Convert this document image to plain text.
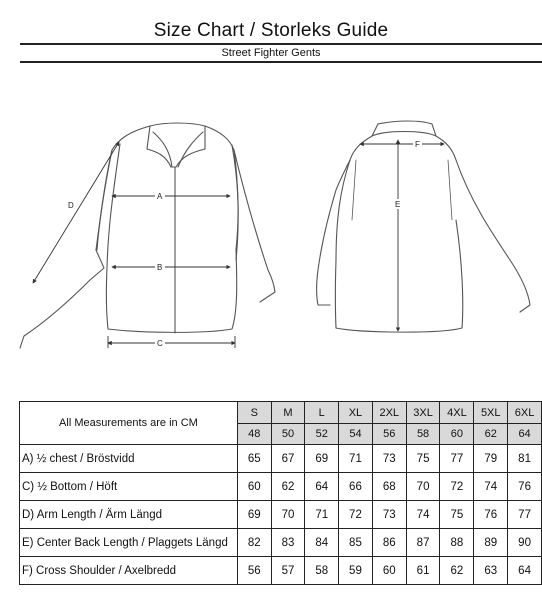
Size Chart / Storleks Guide
Street Fighter Gents
A
B
C
D	E
F
All Measurements are in CM	S	M	L	XL	2XL	3XL	4XL	5XL	6XL
	48	50	52	54	56	58	60	62	64
A) ½ chest / Bröstvidd	65	67	69	71	73	75	77	79	81
C) ½ Bottom / Höft	60	62	64	66	68	70	72	74	76
D) Arm Length / Ärm Längd	69	70	71	72	73	74	75	76	77
E) Center Back Length / Plaggets Längd	82	83	84	85	86	87	88	89	90
F) Cross Shoulder / Axelbredd	56	57	58	59	60	61	62	63	64
